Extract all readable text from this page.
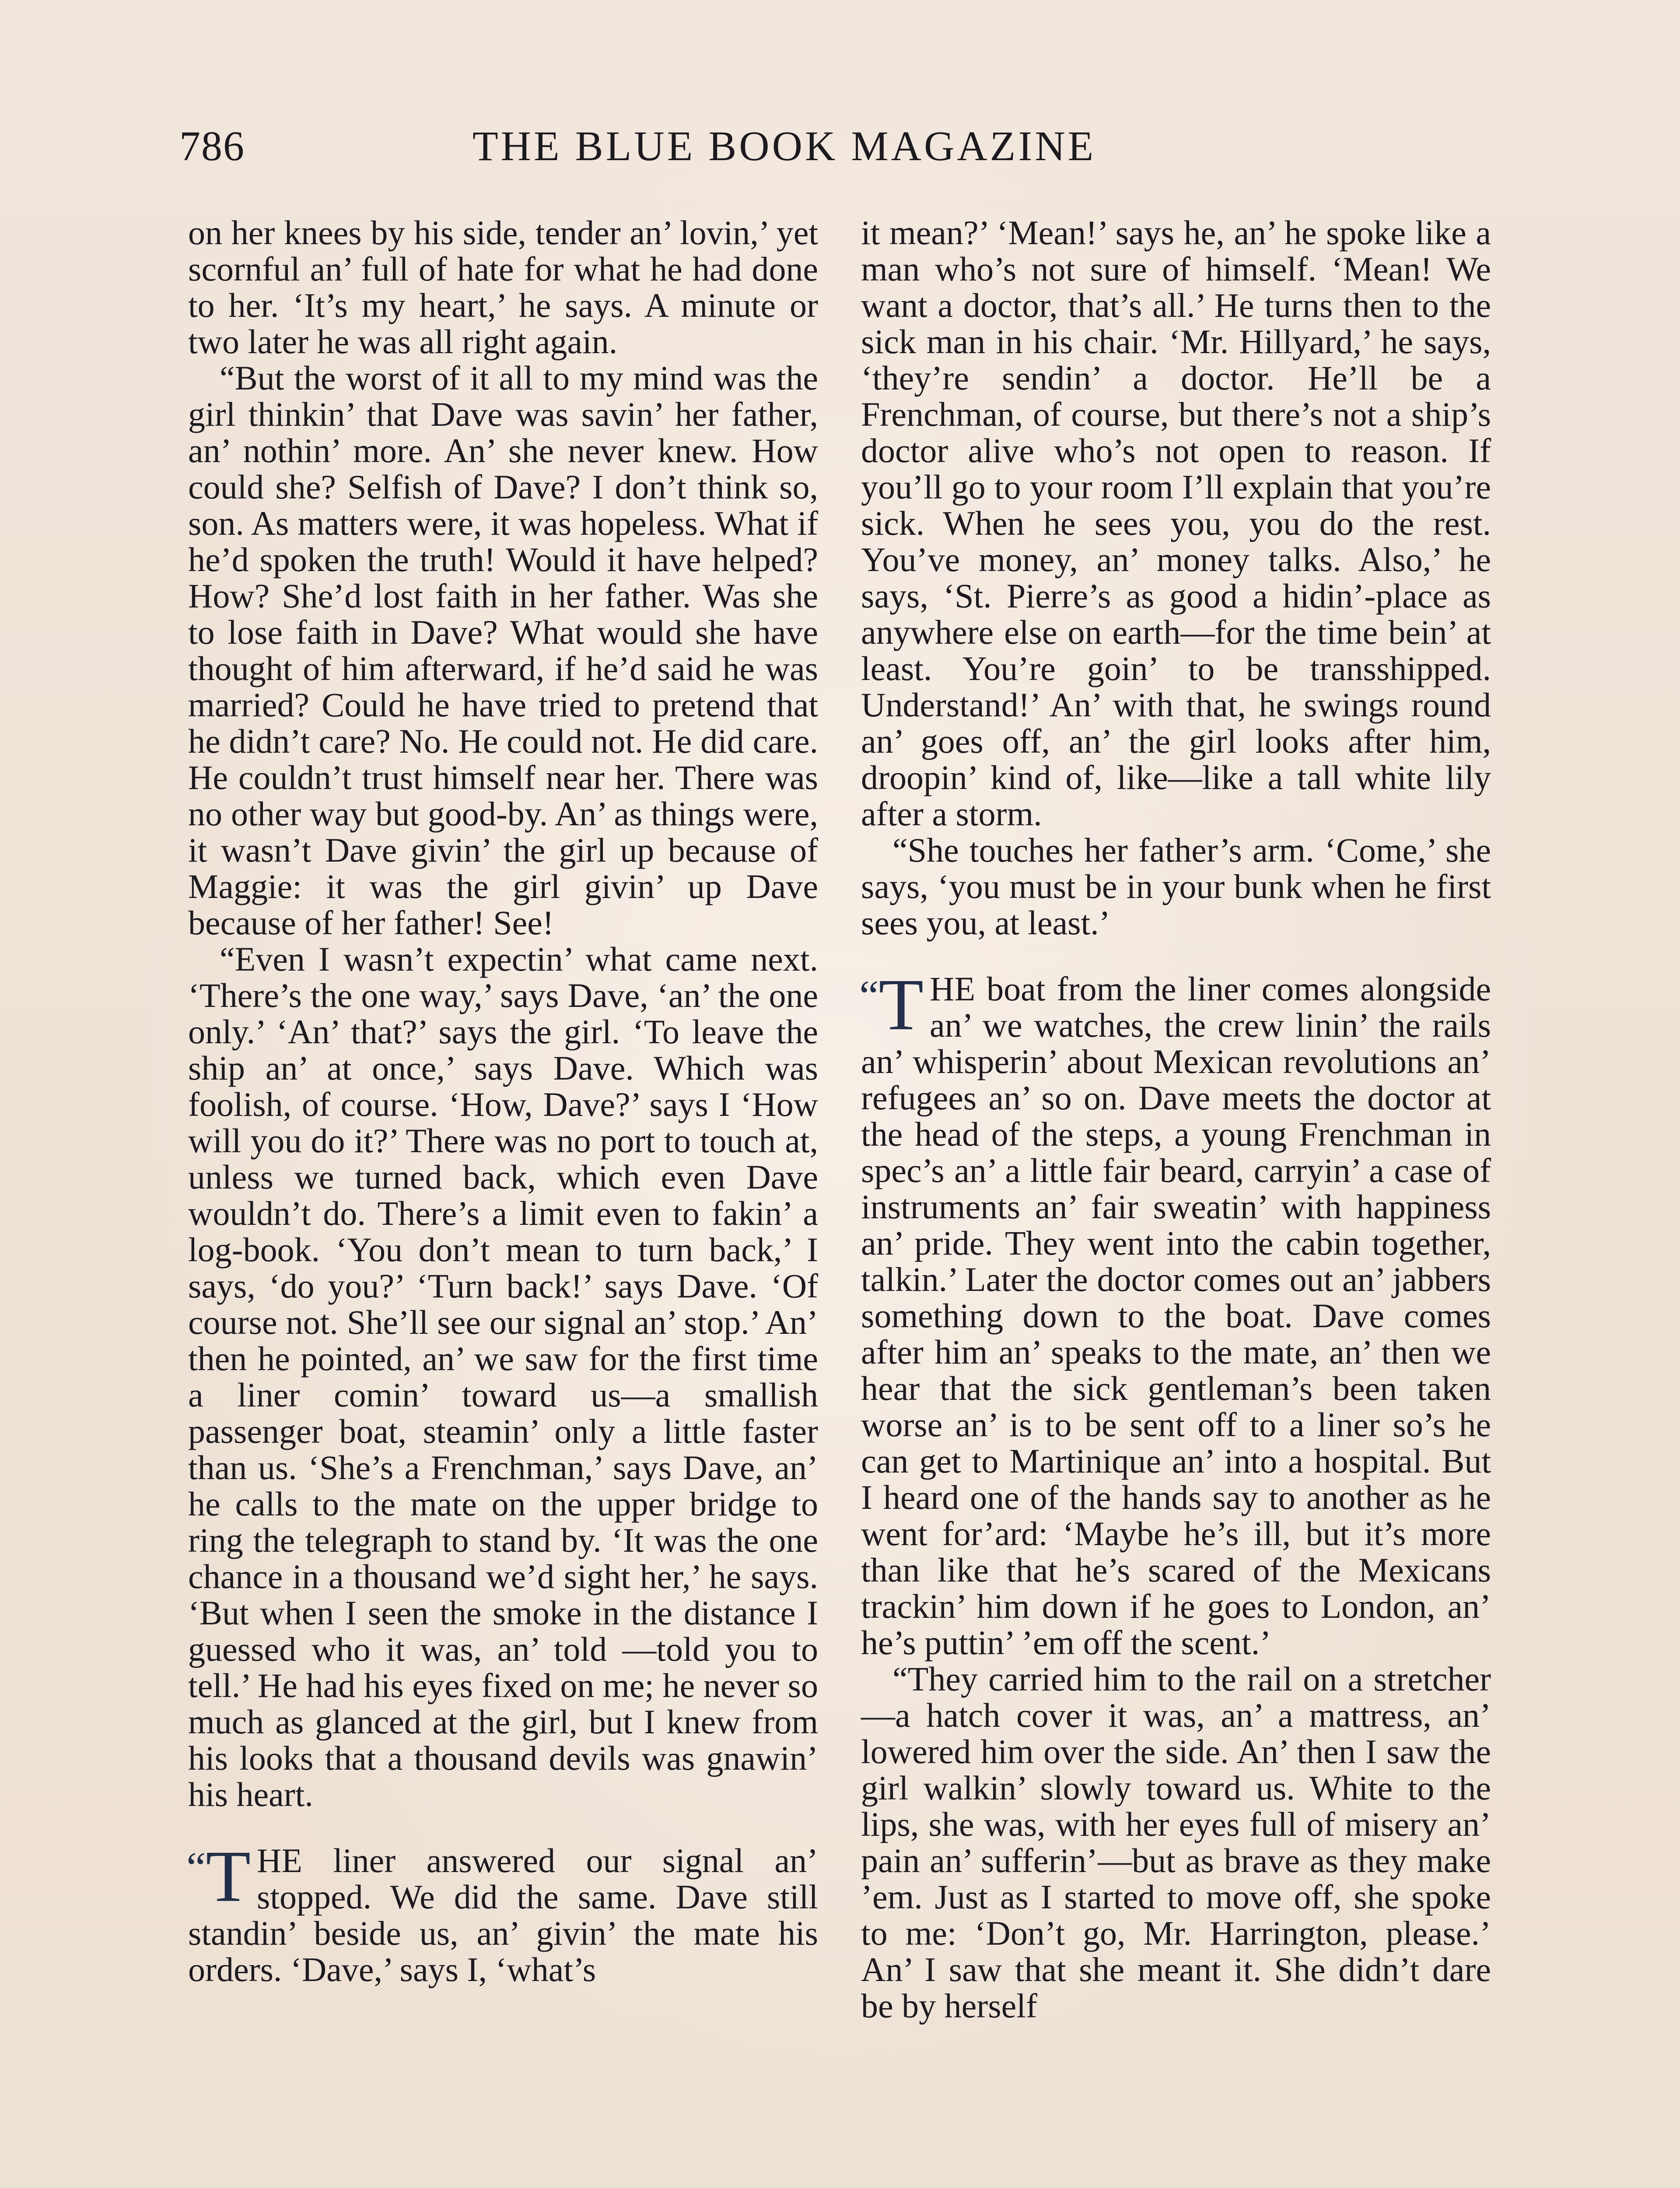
786	THE BLUE BOOK MAGAZINE

on her knees by his side, tender an’ lovin,’ yet scornful an’ full of hate for what he had done to her. ‘It’s my heart,’ he says. A minute or two later he was all right again.

“But the worst of it all to my mind was the girl thinkin’ that Dave was savin’ her father, an’ nothin’ more. An’ she never knew. How could she? Selfish of Dave? I don’t think so, son. As matters were, it was hopeless. What if he’d spoken the truth! Would it have helped? How? She’d lost faith in her father. Was she to lose faith in Dave? What would she have thought of him afterward, if he’d said he was married? Could he have tried to pretend that he didn’t care? No. He could not. He did care. He couldn’t trust himself near her. There was no other way but good-by. An’ as things were, it wasn’t Dave givin’ the girl up because of Maggie: it was the girl givin’ up Dave because of her father! See!

“Even I wasn’t expectin’ what came next. ‘There’s the one way,’ says Dave, ‘an’ the one only.’ ‘An’ that?’ says the girl. ‘To leave the ship an’ at once,’ says Dave. Which was foolish, of course. ‘How, Dave?’ says I ‘How will you do it?’ There was no port to touch at, unless we turned back, which even Dave wouldn’t do. There’s a limit even to fakin’ a log-book. ‘You don’t mean to turn back,’ I says, ‘do you?’ ‘Turn back!’ says Dave. ‘Of course not. She’ll see our signal an’ stop.’ An’ then he pointed, an’ we saw for the first time a liner comin’ toward us—a smallish passenger boat, steamin’ only a little faster than us. ‘She’s a Frenchman,’ says Dave, an’ he calls to the mate on the upper bridge to ring the telegraph to stand by. ‘It was the one chance in a thousand we’d sight her,’ he says. ‘But when I seen the smoke in the distance I guessed who it was, an’ told —told you to tell.’ He had his eyes fixed on me; he never so much as glanced at the girl, but I knew from his looks that a thousand devils was gnawin’ his heart.

“T HE liner answered our signal an’ stopped. We did the same. Dave still standin’ beside us, an’ givin’ the mate his orders. ‘Dave,’ says I, ‘what’s

it mean?’ ‘Mean!’ says he, an’ he spoke like a man who’s not sure of himself. ‘Mean! We want a doctor, that’s all.’ He turns then to the sick man in his chair. ‘Mr. Hillyard,’ he says, ‘they’re sendin’ a doctor. He’ll be a Frenchman, of course, but there’s not a ship’s doctor alive who’s not open to reason. If you’ll go to your room I’ll explain that you’re sick. When he sees you, you do the rest. You’ve money, an’ money talks. Also,’ he says, ‘St. Pierre’s as good a hidin’-place as anywhere else on earth—for the time bein’ at least. You’re goin’ to be transshipped. Understand!’ An’ with that, he swings round an’ goes off, an’ the girl looks after him, droopin’ kind of, like—like a tall white lily after a storm.

“She touches her father’s arm. ‘Come,’ she says, ‘you must be in your bunk when he first sees you, at least.’

“T HE boat from the liner comes alongside an’ we watches, the crew linin’ the rails an’ whisperin’ about Mexican revolutions an’ refugees an’ so on. Dave meets the doctor at the head of the steps, a young Frenchman in spec’s an’ a little fair beard, carryin’ a case of instruments an’ fair sweatin’ with happiness an’ pride. They went into the cabin together, talkin.’ Later the doctor comes out an’ jabbers something down to the boat. Dave comes after him an’ speaks to the mate, an’ then we hear that the sick gentleman’s been taken worse an’ is to be sent off to a liner so’s he can get to Martinique an’ into a hospital. But I heard one of the hands say to another as he went for’ard: ‘Maybe he’s ill, but it’s more than like that he’s scared of the Mexicans trackin’ him down if he goes to London, an’ he’s puttin’ ’em off the scent.’

“They carried him to the rail on a stretcher—a hatch cover it was, an’ a mattress, an’ lowered him over the side. An’ then I saw the girl walkin’ slowly toward us. White to the lips, she was, with her eyes full of misery an’ pain an’ sufferin’—but as brave as they make ’em. Just as I started to move off, she spoke to me: ‘Don’t go, Mr. Harrington, please.’ An’ I saw that she meant it. She didn’t dare be by herself
